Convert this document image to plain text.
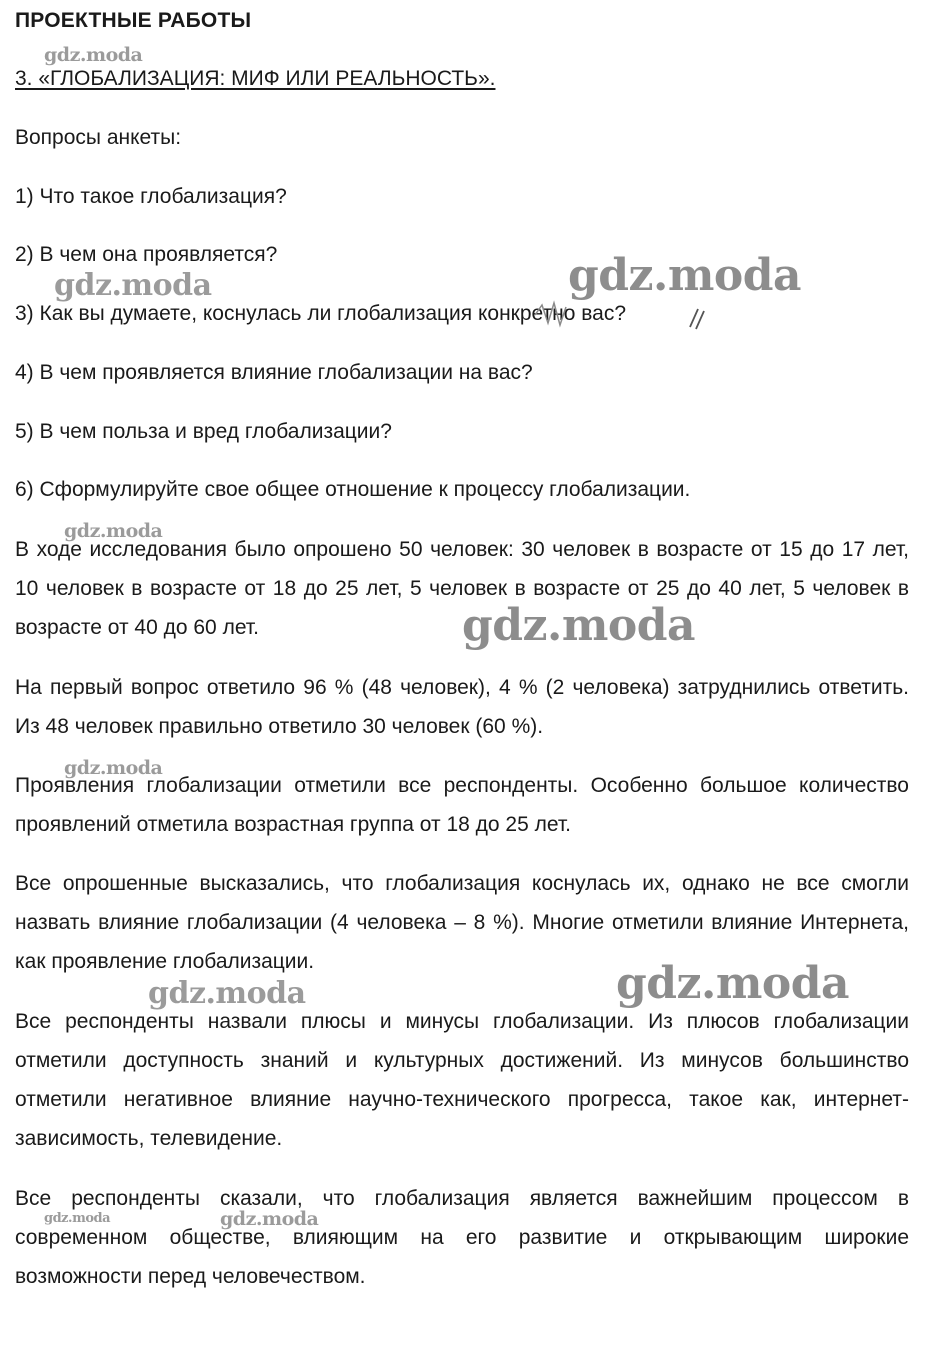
ПРОЕКТНЫЕ РАБОТЫ
3. «ГЛОБАЛИЗАЦИЯ: МИФ ИЛИ РЕАЛЬНОСТЬ».
Вопросы анкеты:
1) Что такое глобализация?
2) В чем она проявляется?
3) Как вы думаете, коснулась ли глобализация конкретно вас?
4) В чем проявляется влияние глобализации на вас?
5) В чем польза и вред глобализации?
6) Сформулируйте свое общее отношение к процессу глобализации.
В ходе исследования было опрошено 50 человек: 30 человек в возрасте от 15 до 17 лет, 10 человек в возрасте от 18 до 25 лет, 5 человек в возрасте от 25 до 40 лет, 5 человек в возрасте от 40 до 60 лет.
На первый вопрос ответило 96 % (48 человек), 4 % (2 человека) затруднились ответить. Из 48 человек правильно ответило 30 человек (60 %).
Проявления глобализации отметили все респонденты. Особенно большое количество проявлений отметила возрастная группа от 18 до 25 лет.
Все опрошенные высказались, что глобализация коснулась их, однако не все смогли назвать влияние глобализации (4 человека – 8 %). Многие отметили влияние Интернета, как проявление глобализации.
Все респонденты назвали плюсы и минусы глобализации. Из плюсов глобализации отметили доступность знаний и культурных достижений. Из минусов большинство отметили негативное влияние научно-технического прогресса, такое как, интернет-зависимость, телевидение.
Все респонденты сказали, что глобализация является важнейшим процессом в современном обществе, влияющим на его развитие и открывающим широкие возможности перед человечеством.
gdz.moda
gdz.moda	gdz.moda
gdz.moda
gdz.moda
gdz.moda
gdz.moda
gdz.moda
gdz.moda	gdz.moda
